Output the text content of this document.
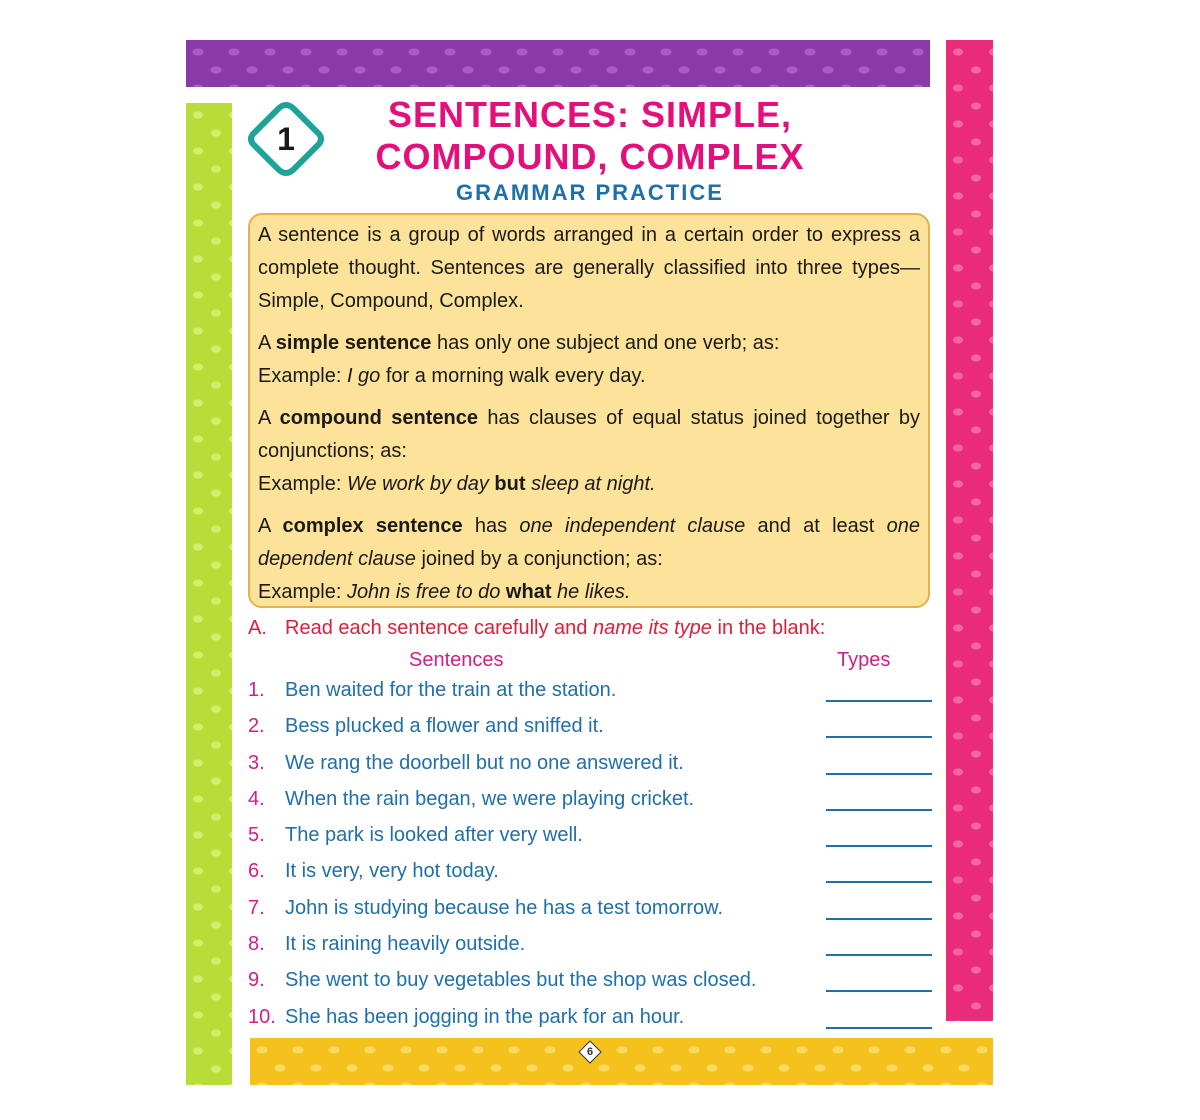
6
1
SENTENCES: SIMPLE,
COMPOUND, COMPLEX
GRAMMAR PRACTICE

A sentence is a group of words arranged in a certain order to express a complete thought. Sentences are generally classified into three types—Simple, Compound, Complex.

A simple sentence has only one subject and one verb; as:

Example: I go for a morning walk every day.

A compound sentence has clauses of equal status joined together by conjunctions; as:

Example: We work by day but sleep at night.

A complex sentence has one independent clause and at least one dependent clause joined by a conjunction; as:

Example: John is free to do what he likes.

A. Read each sentence carefully and name its type in the blank:
Sentences	Types
1. Ben waited for the train at the station.
2. Bess plucked a flower and sniffed it.
3. We rang the doorbell but no one answered it.
4. When the rain began, we were playing cricket.
5. The park is looked after very well.
6. It is very, very hot today.
7. John is studying because he has a test tomorrow.
8. It is raining heavily outside.
9. She went to buy vegetables but the shop was closed.
10. She has been jogging in the park for an hour.
